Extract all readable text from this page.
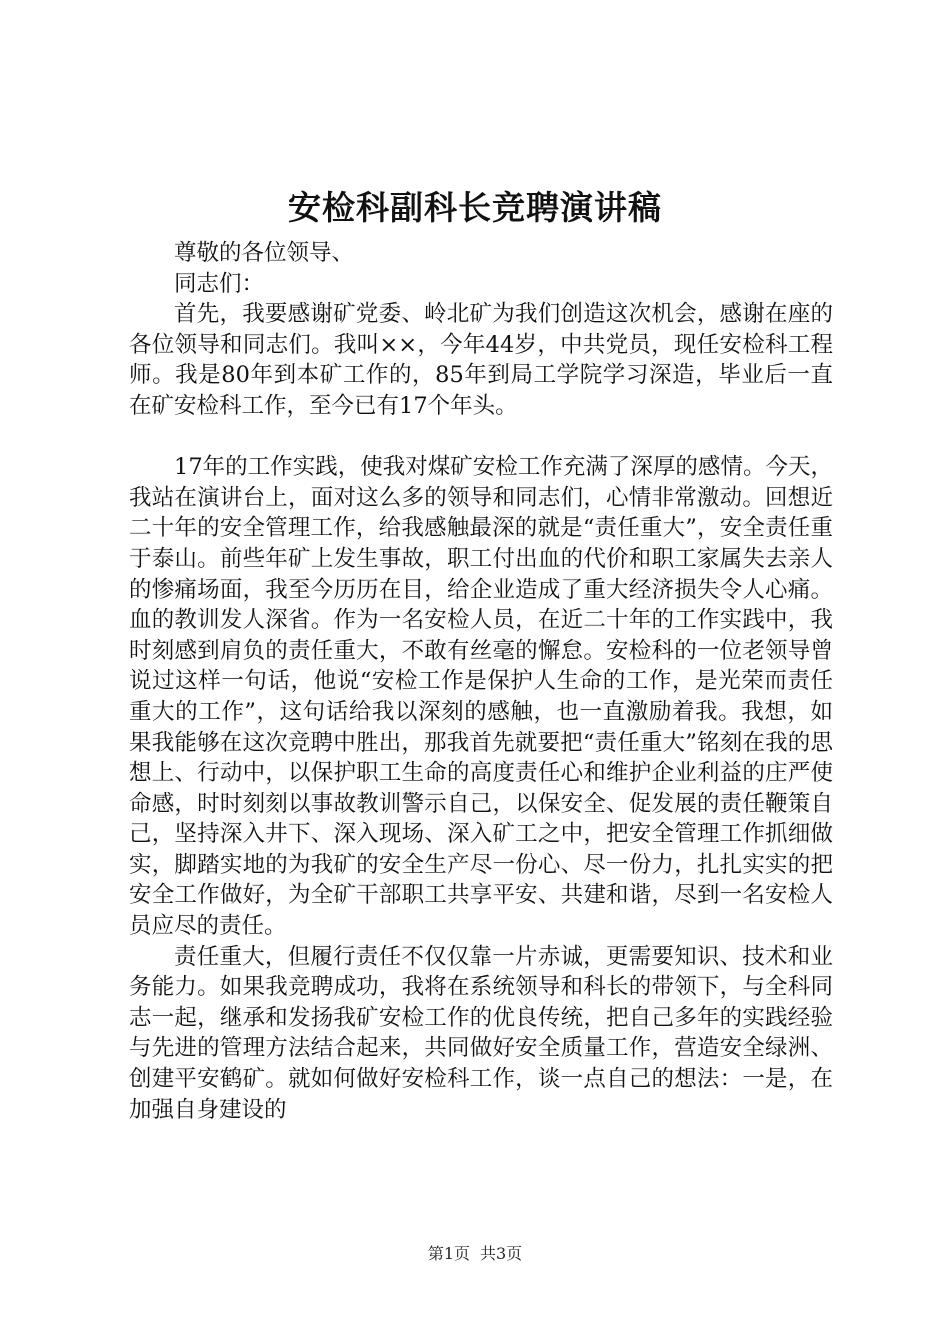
安检科副科长竞聘演讲稿

尊敬的各位领导、

同志们：

首先，我要感谢矿党委、岭北矿为我们创造这次机会，感谢在座的各位领导和同志们。我叫××，今年44岁，中共党员，现任安检科工程师。我是80年到本矿工作的，85年到局工学院学习深造，毕业后一直在矿安检科工作，至今已有17个年头。

17年的工作实践，使我对煤矿安检工作充满了深厚的感情。今天，我站在演讲台上，面对这么多的领导和同志们，心情非常激动。回想近二十年的安全管理工作，给我感触最深的就是“责任重大”，安全责任重于泰山。前些年矿上发生事故，职工付出血的代价和职工家属失去亲人的惨痛场面，我至今历历在目，给企业造成了重大经济损失令人心痛。血的教训发人深省。作为一名安检人员，在近二十年的工作实践中，我时刻感到肩负的责任重大，不敢有丝毫的懈怠。安检科的一位老领导曾说过这样一句话，他说“安检工作是保护人生命的工作，是光荣而责任重大的工作”，这句话给我以深刻的感触，也一直激励着我。我想，如果我能够在这次竞聘中胜出，那我首先就要把“责任重大”铭刻在我的思想上、行动中，以保护职工生命的高度责任心和维护企业利益的庄严使命感，时时刻刻以事故教训警示自己，以保安全、促发展的责任鞭策自己，坚持深入井下、深入现场、深入矿工之中，把安全管理工作抓细做实，脚踏实地的为我矿的安全生产尽一份心、尽一份力，扎扎实实的把安全工作做好，为全矿干部职工共享平安、共建和谐，尽到一名安检人员应尽的责任。

责任重大，但履行责任不仅仅靠一片赤诚，更需要知识、技术和业务能力。如果我竞聘成功，我将在系统领导和科长的带领下，与全科同志一起，继承和发扬我矿安检工作的优良传统，把自己多年的实践经验与先进的管理方法结合起来，共同做好安全质量工作，营造安全绿洲、创建平安鹤矿。就如何做好安检科工作，谈一点自己的想法：一是，在加强自身建设的

第1页 共3页
